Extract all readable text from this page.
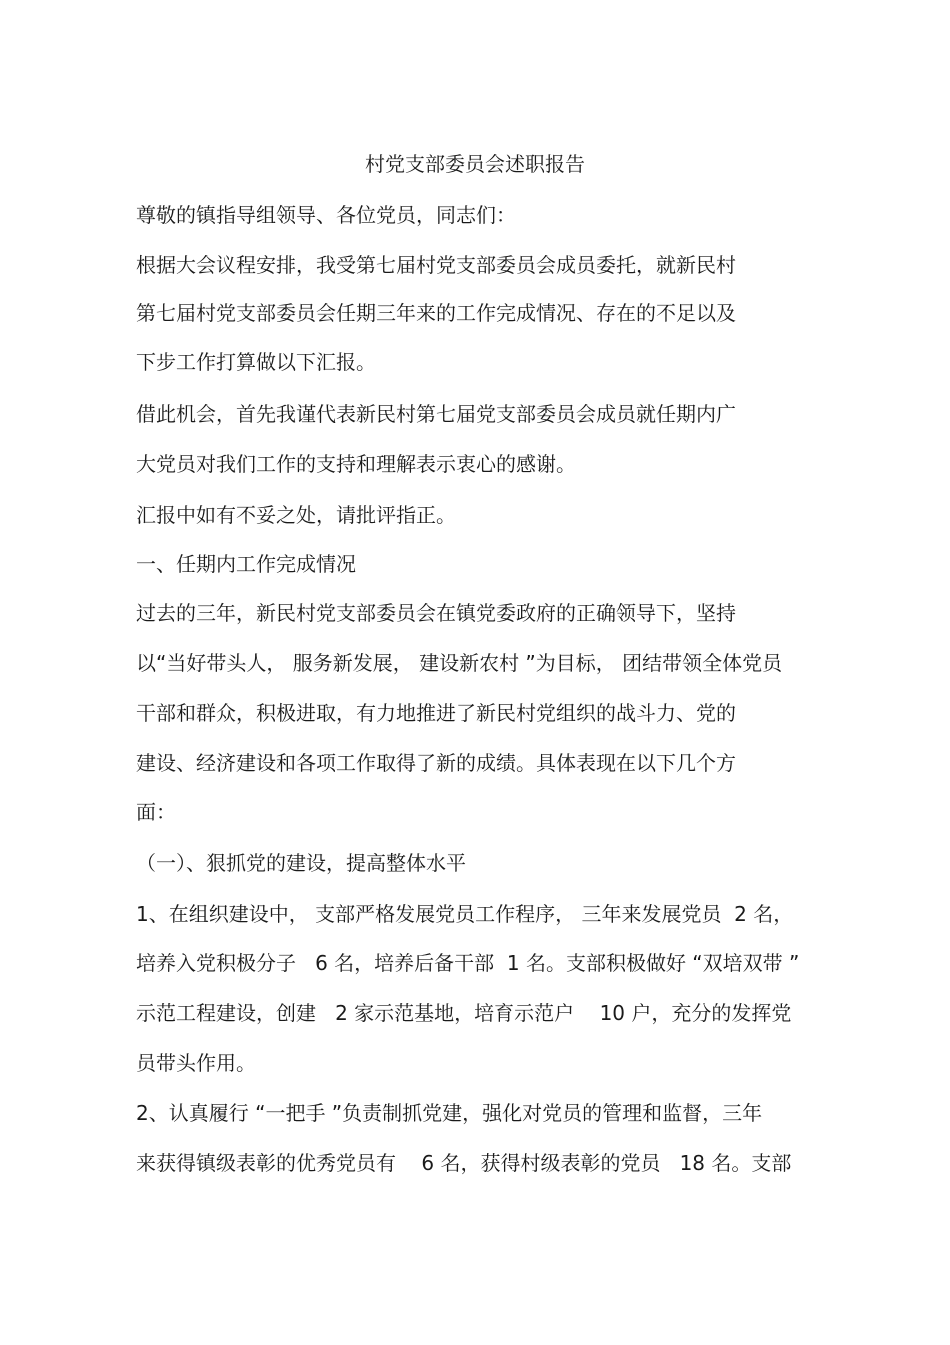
村党支部委员会述职报告
尊敬的镇指导组领导、各位党员，同志们：
根据大会议程安排，我受第七届村党支部委员会成员委托，就新民村
第七届村党支部委员会任期三年来的工作完成情况、存在的不足以及
下步工作打算做以下汇报。
借此机会，首先我谨代表新民村第七届党支部委员会成员就任期内广
大党员对我们工作的支持和理解表示衷心的感谢。
汇报中如有不妥之处，请批评指正。
一、任期内工作完成情况
过去的三年，新民村党支部委员会在镇党委政府的正确领导下，坚持
以“当好带头人， 服务新发展， 建设新农村 ”为目标， 团结带领全体党员
干部和群众，积极进取，有力地推进了新民村党组织的战斗力、党的
建设、经济建设和各项工作取得了新的成绩。具体表现在以下几个方
面：
（一）、狠抓党的建设，提高整体水平
1、在组织建设中， 支部严格发展党员工作程序， 三年来发展党员  2 名，
培养入党积极分子   6 名，培养后备干部  1 名。支部积极做好 “双培双带 ”
示范工程建设，创建   2 家示范基地，培育示范户    10 户，充分的发挥党
员带头作用。
2、认真履行 “一把手 ”负责制抓党建，强化对党员的管理和监督，三年
来获得镇级表彰的优秀党员有    6 名，获得村级表彰的党员   18 名。支部
